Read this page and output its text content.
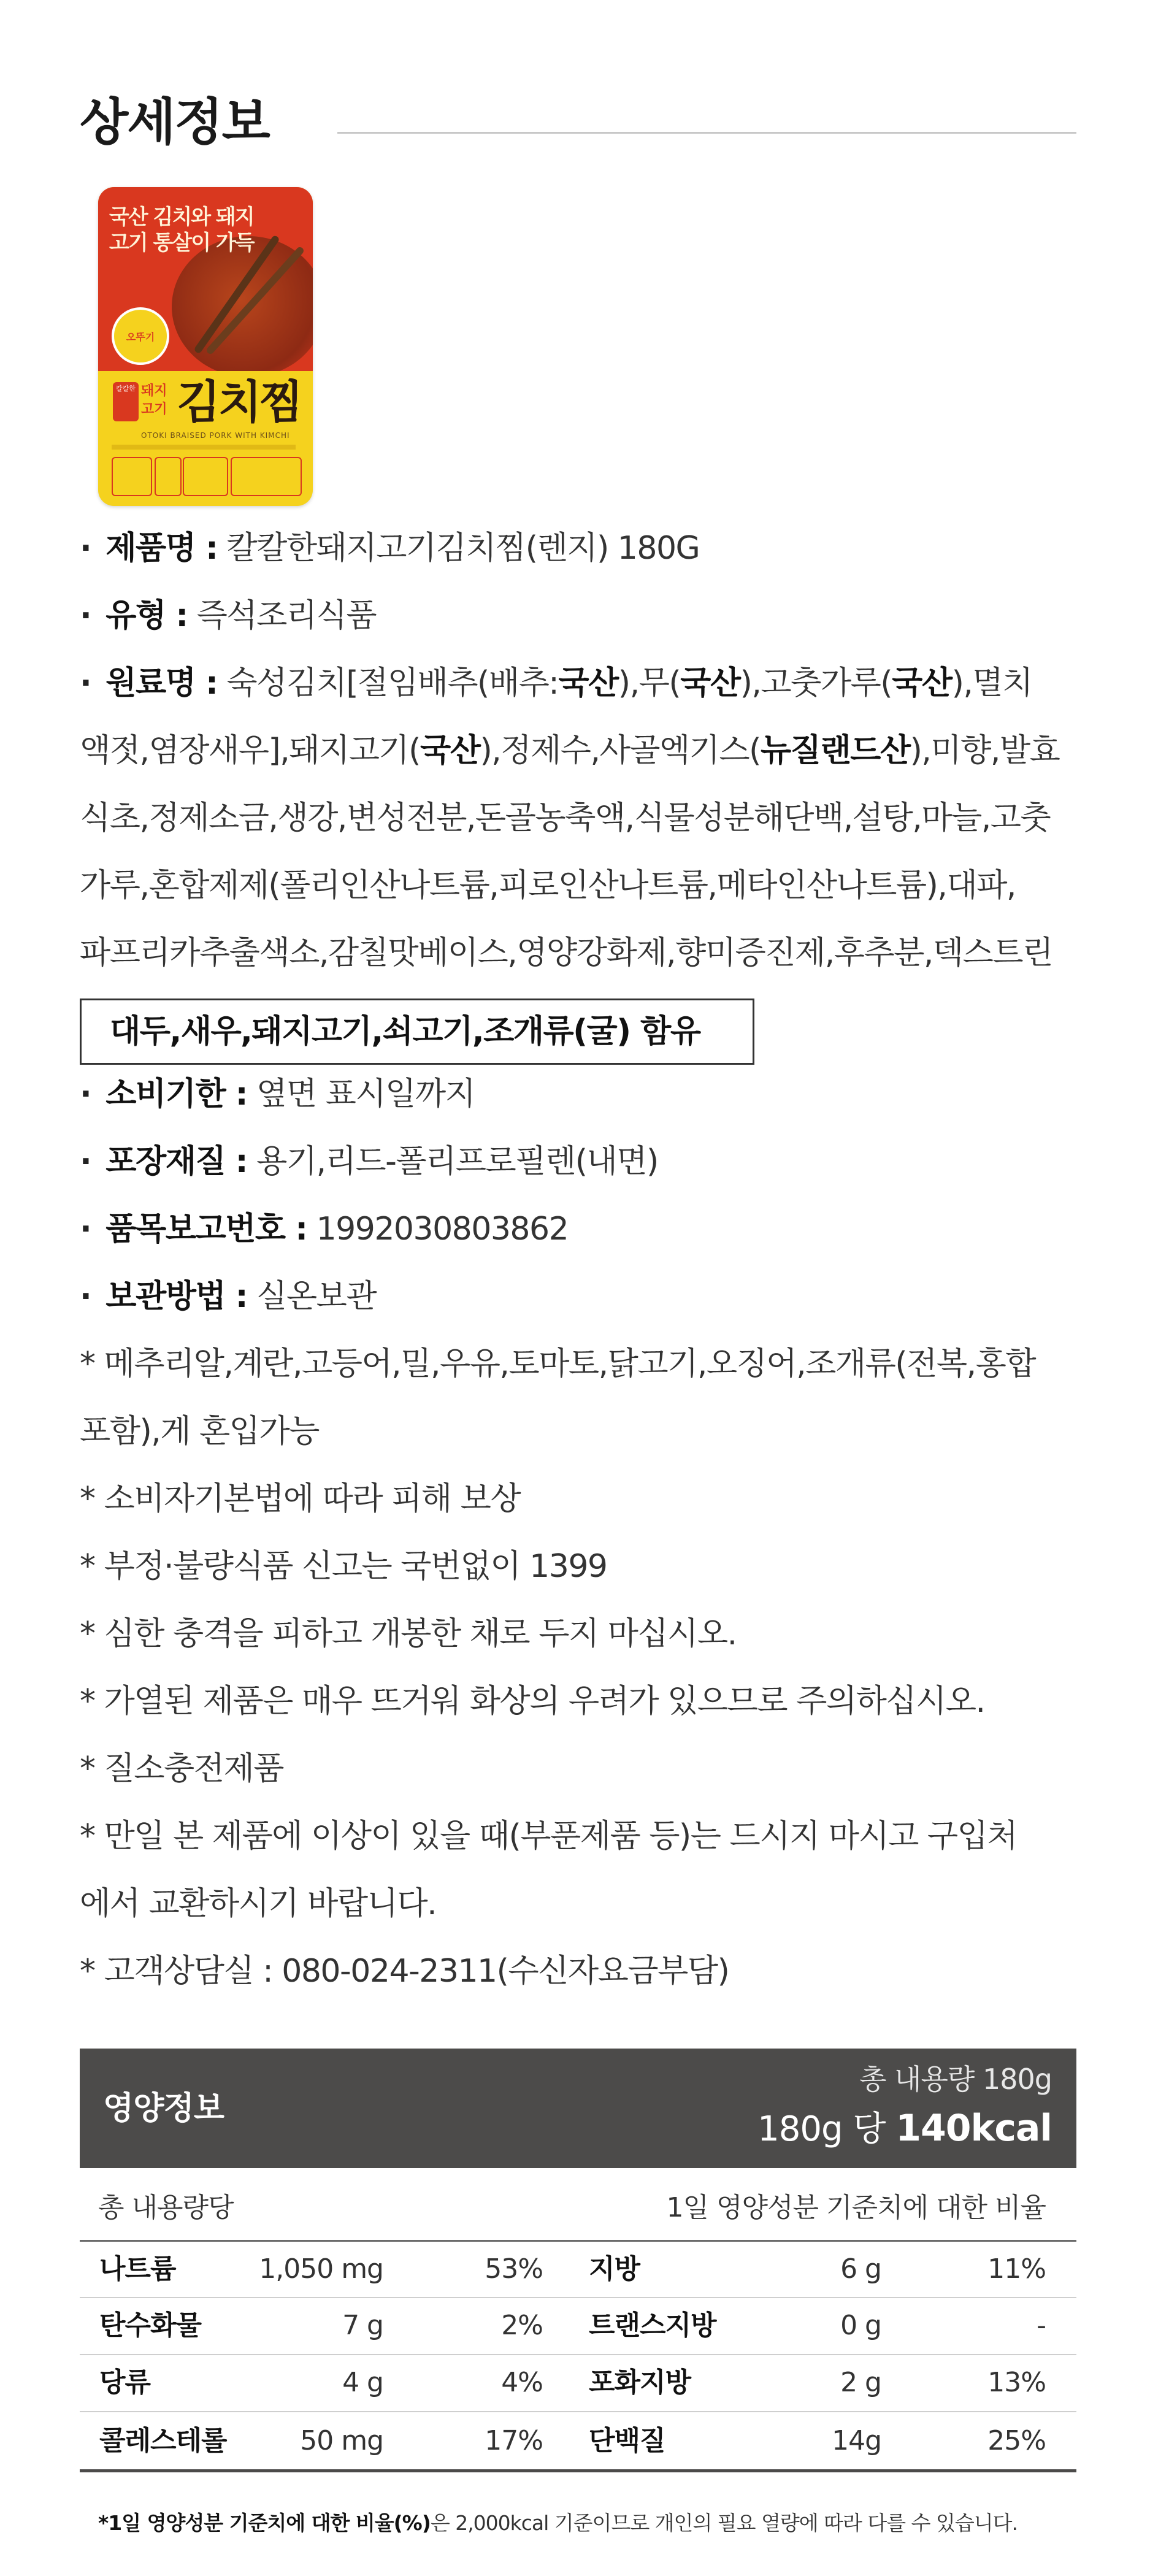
상세정보
국산 김치와 돼지고기 통살이 가득
오뚜기
칼칼한 돼지 고기 김치찜
OTOKI BRAISED PORK WITH KIMCHI
· 제품명 : 칼칼한돼지고기김치찜(렌지) 180G
· 유형 : 즉석조리식품
· 원료명 : 숙성김치[절임배추(배추:국산),무(국산),고춧가루(국산),멸치
액젓,염장새우],돼지고기(국산),정제수,사골엑기스(뉴질랜드산),미향,발효
식초,정제소금,생강,변성전분,돈골농축액,식물성분해단백,설탕,마늘,고춧
가루,혼합제제(폴리인산나트륨,피로인산나트륨,메타인산나트륨),대파,
파프리카추출색소,감칠맛베이스,영양강화제,향미증진제,후추분,덱스트린
대두,새우,돼지고기,쇠고기,조개류(굴) 함유
· 소비기한 : 옆면 표시일까지
· 포장재질 : 용기,리드-폴리프로필렌(내면)
· 품목보고번호 : 1992030803862
· 보관방법 : 실온보관
* 메추리알,계란,고등어,밀,우유,토마토,닭고기,오징어,조개류(전복,홍합
포함),게 혼입가능
* 소비자기본법에 따라 피해 보상
* 부정·불량식품 신고는 국번없이 1399
* 심한 충격을 피하고 개봉한 채로 두지 마십시오.
* 가열된 제품은 매우 뜨거워 화상의 우려가 있으므로 주의하십시오.
* 질소충전제품
* 만일 본 제품에 이상이 있을 때(부푼제품 등)는 드시지 마시고 구입처
에서 교환하시기 바랍니다.
* 고객상담실 : 080-024-2311(수신자요금부담)
영양정보
총 내용량 180g
180g 당 140kcal
총 내용량당	1일 영양성분 기준치에 대한 비율
나트륨	1,050 mg	53% 지방	6 g	11%
탄수화물	7 g	2% 트랜스지방	0 g	-
당류	4 g	4% 포화지방	2 g	13%
콜레스테롤	50 mg	17% 단백질	14g	25%
*1일 영양성분 기준치에 대한 비율(%)은 2,000kcal 기준이므로 개인의 필요 열량에 따라 다를 수 있습니다.
